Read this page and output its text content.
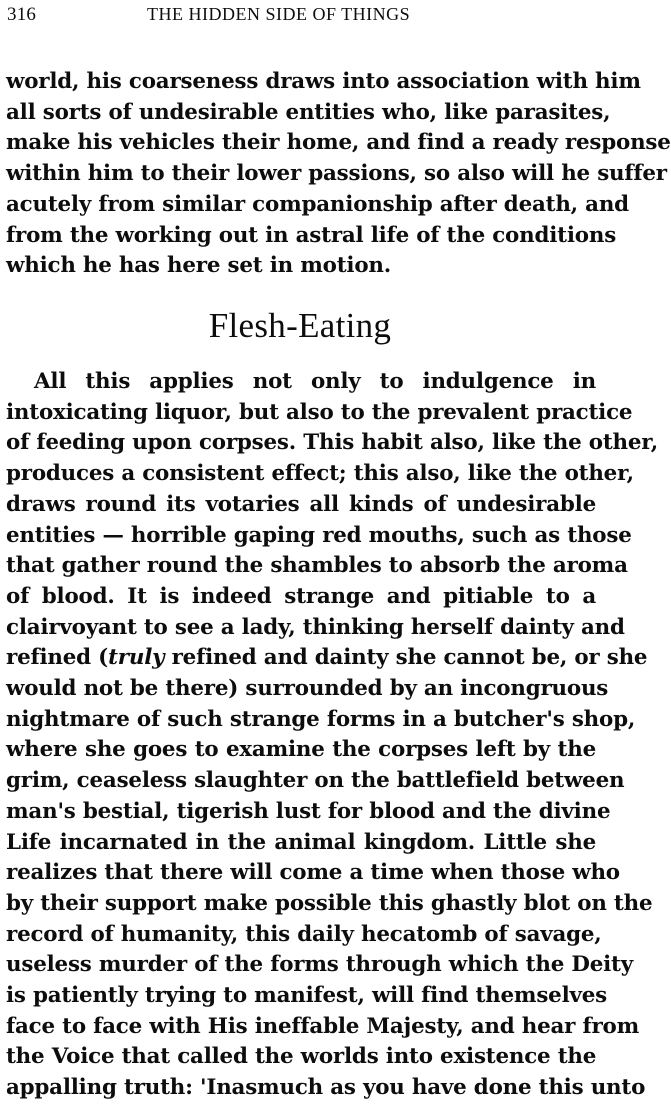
316	THE HIDDEN SIDE OF THINGS

world, his coarseness draws into association with him
all sorts of undesirable entities who, like parasites,
make his vehicles their home, and find a ready response
within him to their lower passions, so also will he suffer
acutely from similar companionship after death, and
from the working out in astral life of the conditions
which he has here set in motion.

Flesh-Eating

All this applies not only to indulgence in
intoxicating liquor, but also to the prevalent practice
of feeding upon corpses. This habit also, like the other,
produces a consistent effect; this also, like the other,
draws round its votaries all kinds of undesirable
entities — horrible gaping red mouths, such as those
that gather round the shambles to absorb the aroma
of blood. It is indeed strange and pitiable to a
clairvoyant to see a lady, thinking herself dainty and
refined (truly refined and dainty she cannot be, or she
would not be there) surrounded by an incongruous
nightmare of such strange forms in a butcher's shop,
where she goes to examine the corpses left by the
grim, ceaseless slaughter on the battlefield between
man's bestial, tigerish lust for blood and the divine
Life incarnated in the animal kingdom. Little she
realizes that there will come a time when those who
by their support make possible this ghastly blot on the
record of humanity, this daily hecatomb of savage,
useless murder of the forms through which the Deity
is patiently trying to manifest, will find themselves
face to face with His ineffable Majesty, and hear from
the Voice that called the worlds into existence the
appalling truth: 'Inasmuch as you have done this unto
